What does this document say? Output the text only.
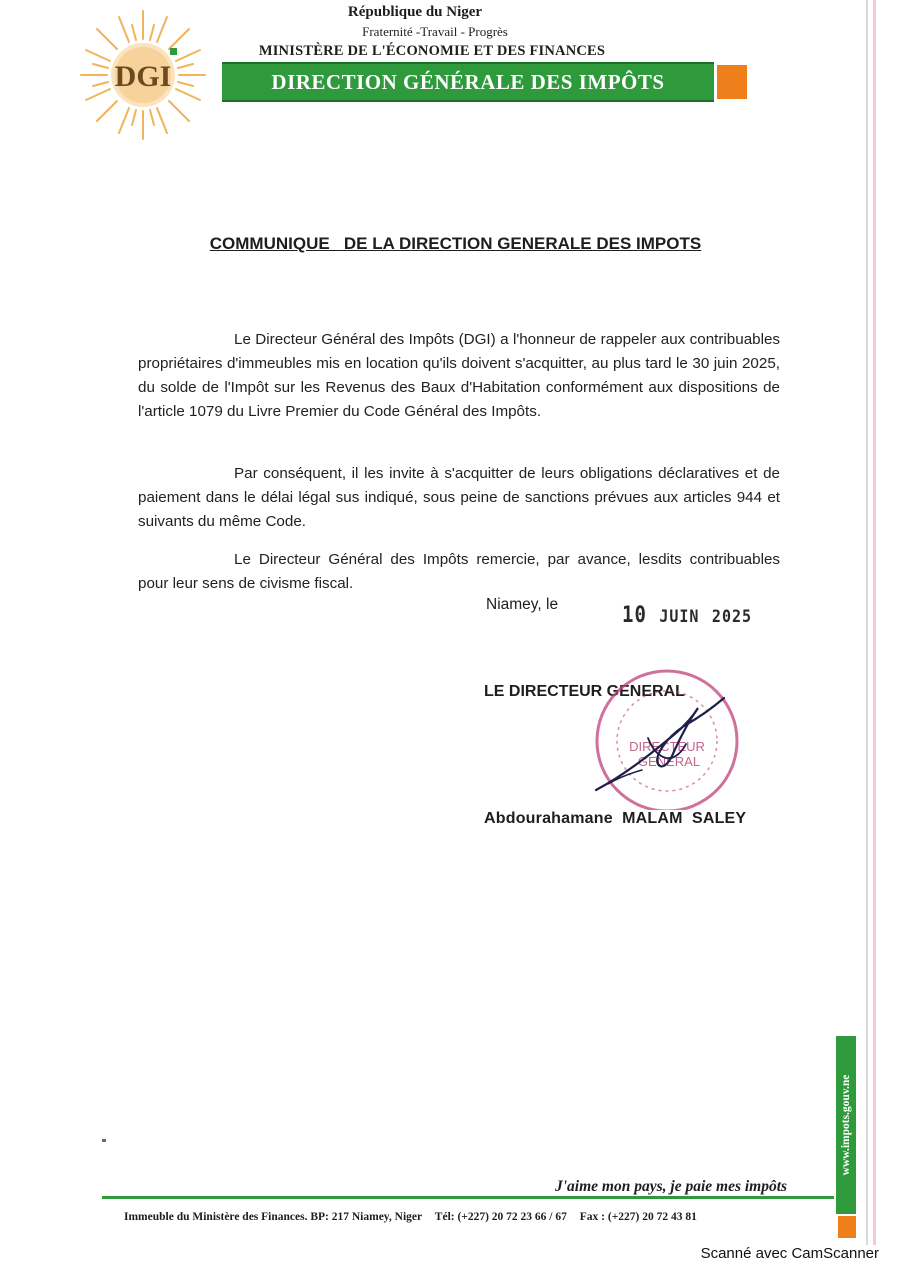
DGI
République du Niger
Fraternité -Travail - Progrès
MINISTÈRE DE L'ÉCONOMIE ET DES FINANCES
DIRECTION GÉNÉRALE DES IMPÔTS
COMMUNIQUE   DE LA DIRECTION GENERALE DES IMPOTS

Le Directeur Général des Impôts (DGI) a l'honneur de rappeler aux contribuables propriétaires d'immeubles mis en location qu'ils doivent s'acquitter, au plus tard le 30 juin 2025, du solde de l'Impôt sur les Revenus des Baux d'Habitation conformément aux dispositions de l'article 1079 du Livre Premier du Code Général des Impôts.

Par conséquent, il les invite à s'acquitter de leurs obligations déclaratives et de paiement dans le délai légal sus indiqué, sous peine de sanctions prévues aux articles 944 et suivants du même Code.

Le Directeur Général des Impôts remercie, par avance, lesdits contribuables pour leur sens de civisme fiscal.

Niamey, le	10 JUIN 2025
LE DIRECTEUR GENERAL
DIRECTEUR
GENERAL
Abdourahamane  MALAM  SALEY
J'aime mon pays, je paie mes impôts
Immeuble du Ministère des Finances. BP: 217 Niamey, Niger Tél: (+227) 20 72 23 66 / 67 Fax : (+227) 20 72 43 81
www.impots.gouv.ne
Scanné avec CamScanner
